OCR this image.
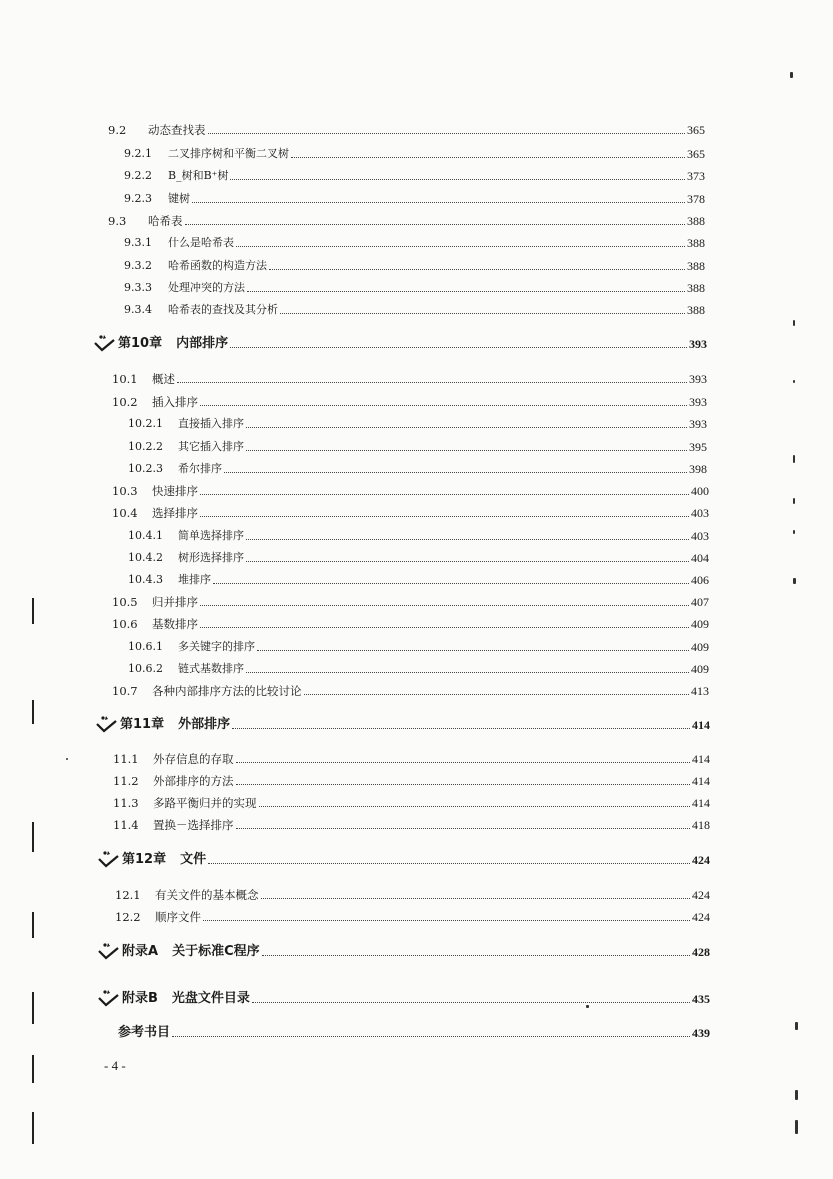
9.2	动态查找表	365
9.2.1	二叉排序树和平衡二叉树	365
9.2.2	B_树和B⁺树	373
9.2.3	键树	378
9.3	哈希表	388
9.3.1	什么是哈希表	388
9.3.2	哈希函数的构造方法	388
9.3.3	处理冲突的方法	388
9.3.4	哈希表的查找及其分析	388
第10章 内部排序	393
10.1	概述	393
10.2	插入排序	393
10.2.1	直接插入排序	393
10.2.2	其它插入排序	395
10.2.3	希尔排序	398
10.3	快速排序	400
10.4	选择排序	403
10.4.1	简单选择排序	403
10.4.2	树形选择排序	404
10.4.3	堆排序	406
10.5	归并排序	407
10.6	基数排序	409
10.6.1	多关键字的排序	409
10.6.2	链式基数排序	409
10.7	各种内部排序方法的比较讨论	413
第11章 外部排序	414
11.1	外存信息的存取	414
11.2	外部排序的方法	414
11.3	多路平衡归并的实现	414
11.4	置换－选择排序	418
第12章 文件	424
12.1	有关文件的基本概念	424
12.2	顺序文件	424
附录A 关于标准C程序	428
附录B 光盘文件目录	435
参考书目	439
- 4 -
